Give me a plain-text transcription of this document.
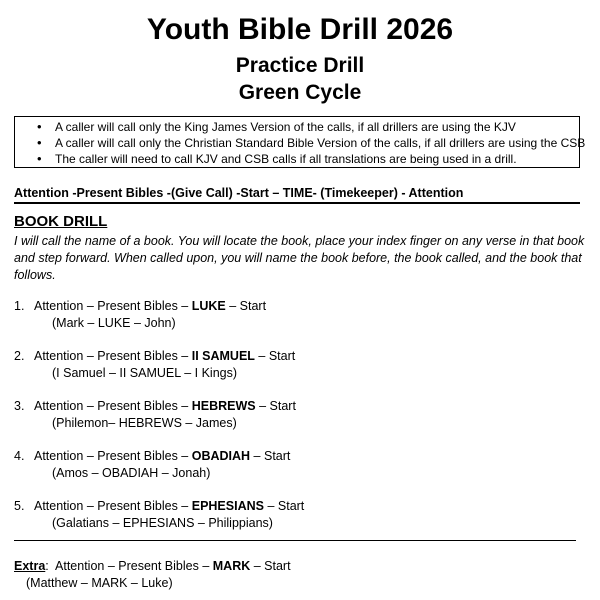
Youth Bible Drill 2026
Practice Drill
Green Cycle
• A caller will call only the King James Version of the calls, if all drillers are using the KJV
• A caller will call only the Christian Standard Bible Version of the calls, if all drillers are using the CSB
• The caller will need to call KJV and CSB calls if all translations are being used in a drill.
Attention -Present Bibles -(Give Call) -Start – TIME- (Timekeeper) - Attention
BOOK DRILL

I will call the name of a book. You will locate the book, place your index finger on any verse in that book and step forward. When called upon, you will name the book before, the book called, and the book that follows.

1. Attention – Present Bibles – LUKE – Start
(Mark – LUKE – John)
2. Attention – Present Bibles – II SAMUEL – Start
(I Samuel – II SAMUEL – I Kings)
3. Attention – Present Bibles – HEBREWS – Start
(Philemon– HEBREWS – James)
4. Attention – Present Bibles – OBADIAH – Start
(Amos – OBADIAH – Jonah)
5. Attention – Present Bibles – EPHESIANS – Start
(Galatians – EPHESIANS – Philippians)
Extra:  Attention – Present Bibles – MARK – Start
(Matthew – MARK – Luke)
